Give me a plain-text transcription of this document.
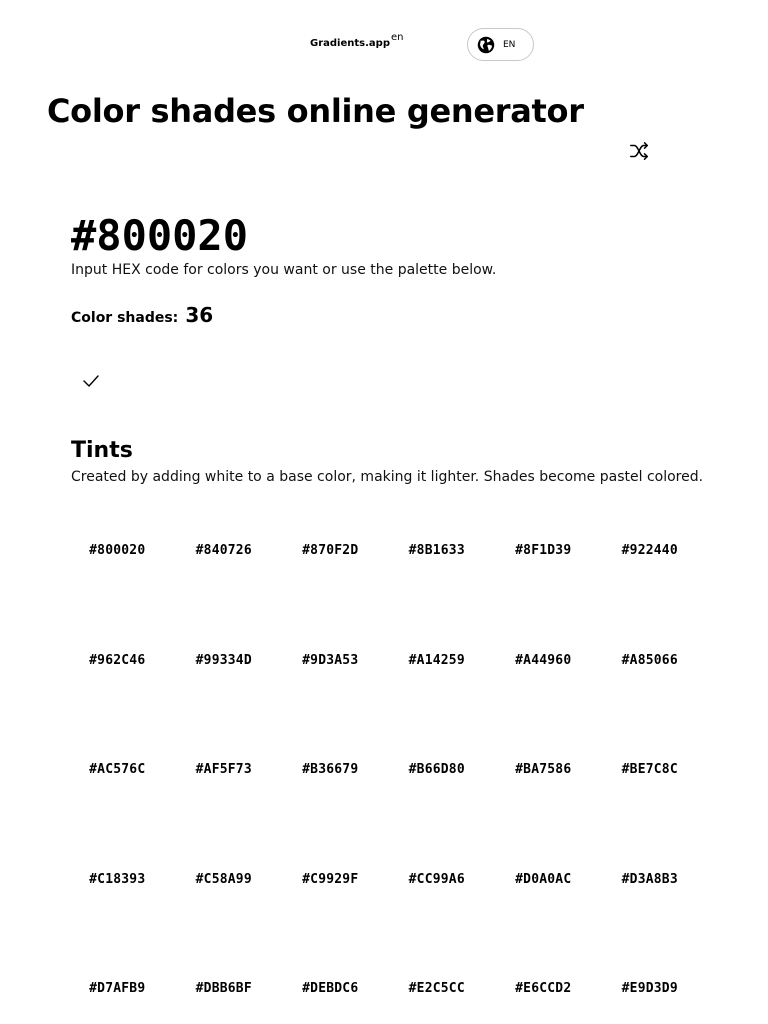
Gradients.app$^{en}$
EN
Color shades online generator
#800020

Input HEX code for colors you want or use the palette below.

Color shades: 36
Tints

Created by adding white to a base color, making it lighter. Shades become pastel colored.

#800020	#840726	#870F2D	#8B1633	#8F1D39	#922440
#962C46	#99334D	#9D3A53	#A14259	#A44960	#A85066
#AC576C	#AF5F73	#B36679	#B66D80	#BA7586	#BE7C8C
#C18393	#C58A99	#C9929F	#CC99A6	#D0A0AC	#D3A8B3
#D7AFB9	#DBB6BF	#DEBDC6	#E2C5CC	#E6CCD2	#E9D3D9
